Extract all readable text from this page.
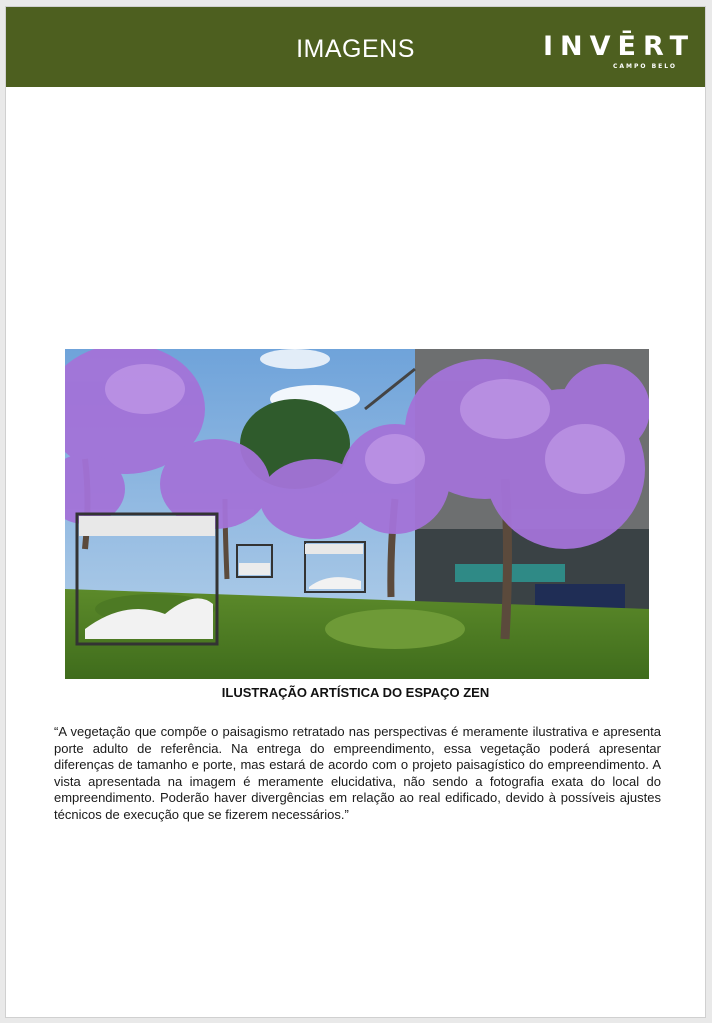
IMAGENS	INVĒRT
CAMPO BELO
ILUSTRAÇÃO ARTÍSTICA DO ESPAÇO ZEN
“A vegetação que compõe o paisagismo retratado nas perspectivas é meramente ilustrativa e apresenta porte adulto de referência. Na entrega do empreendimento, essa vegetação poderá apresentar diferenças de tamanho e porte, mas estará de acordo com o projeto paisagístico do empreendimento. A vista apresentada na imagem é meramente elucidativa, não sendo a fotografia exata do local do empreendimento. Poderão haver divergências em relação ao real edificado, devido à possíveis ajustes técnicos de execução que se fizerem necessários.”
